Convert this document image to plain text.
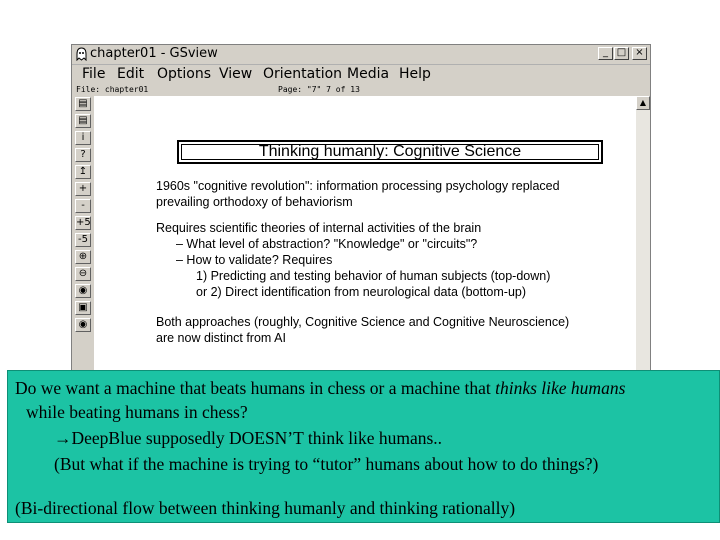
chapter01 - GSview	_ □ ×
File Edit Options View Orientation Media Help
File: chapter01	Page: "7" 7 of 13
▤
▤
i
?
↥
+
-
+5
-5
⊕
⊖
◉
▣
◉
Thinking humanly: Cognitive Science
1960s "cognitive revolution": information processing psychology replaced
prevailing orthodoxy of behaviorism
Requires scientific theories of internal activities of the brain
– What level of abstraction? "Knowledge" or "circuits"?
– How to validate? Requires
1) Predicting and testing behavior of human subjects (top-down)
or 2) Direct identification from neurological data (bottom-up)
Both approaches (roughly, Cognitive Science and Cognitive Neuroscience)
are now distinct from AI
▲
Do we want a machine that beats humans in chess or a machine that thinks like humans
while beating humans in chess?
→DeepBlue supposedly DOESN’T think like humans..
(But what if the machine is trying to “tutor” humans about how to do things?)
(Bi-directional flow between thinking humanly and thinking rationally)
